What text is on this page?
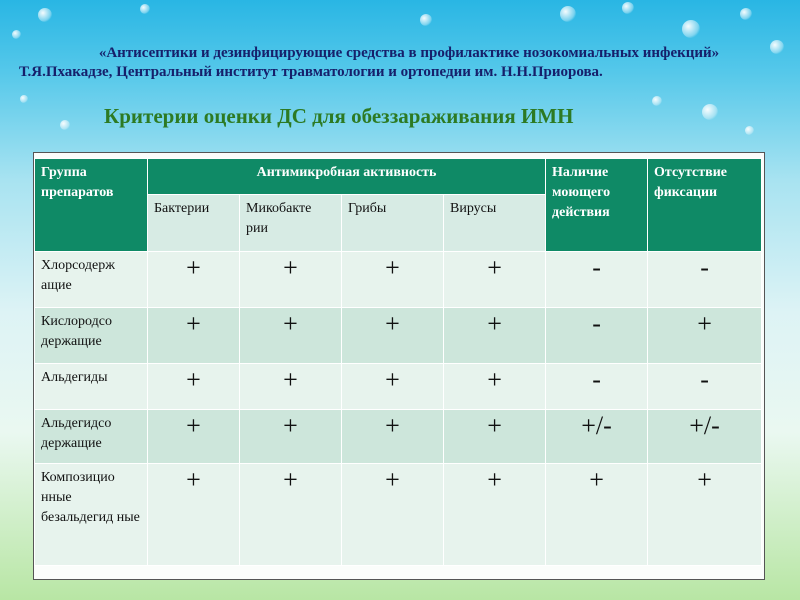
«Антисептики и дезинфицирующие средства в профилактике нозокомиальных инфекций»
Т.Я.Пхакадзе, Центральный институт травматологии и ортопедии им. Н.Н.Приорова.
Критерии оценки ДС для обеззараживания ИМН
Группа препаратов	Антимикробная активность				Наличие моющего действия	Отсутствие фиксации
	Бактерии	Микобакте рии	Грибы	Вирусы		
Хлорсодерж ащие	+	+	+	+	-	-
Кислородсо держащие	+	+	+	+	-	+
Альдегиды	+	+	+	+	-	-
Альдегидсо держащие	+	+	+	+	+/-	+/-
Композицио нные безальдегид ные	+	+	+	+	+	+
